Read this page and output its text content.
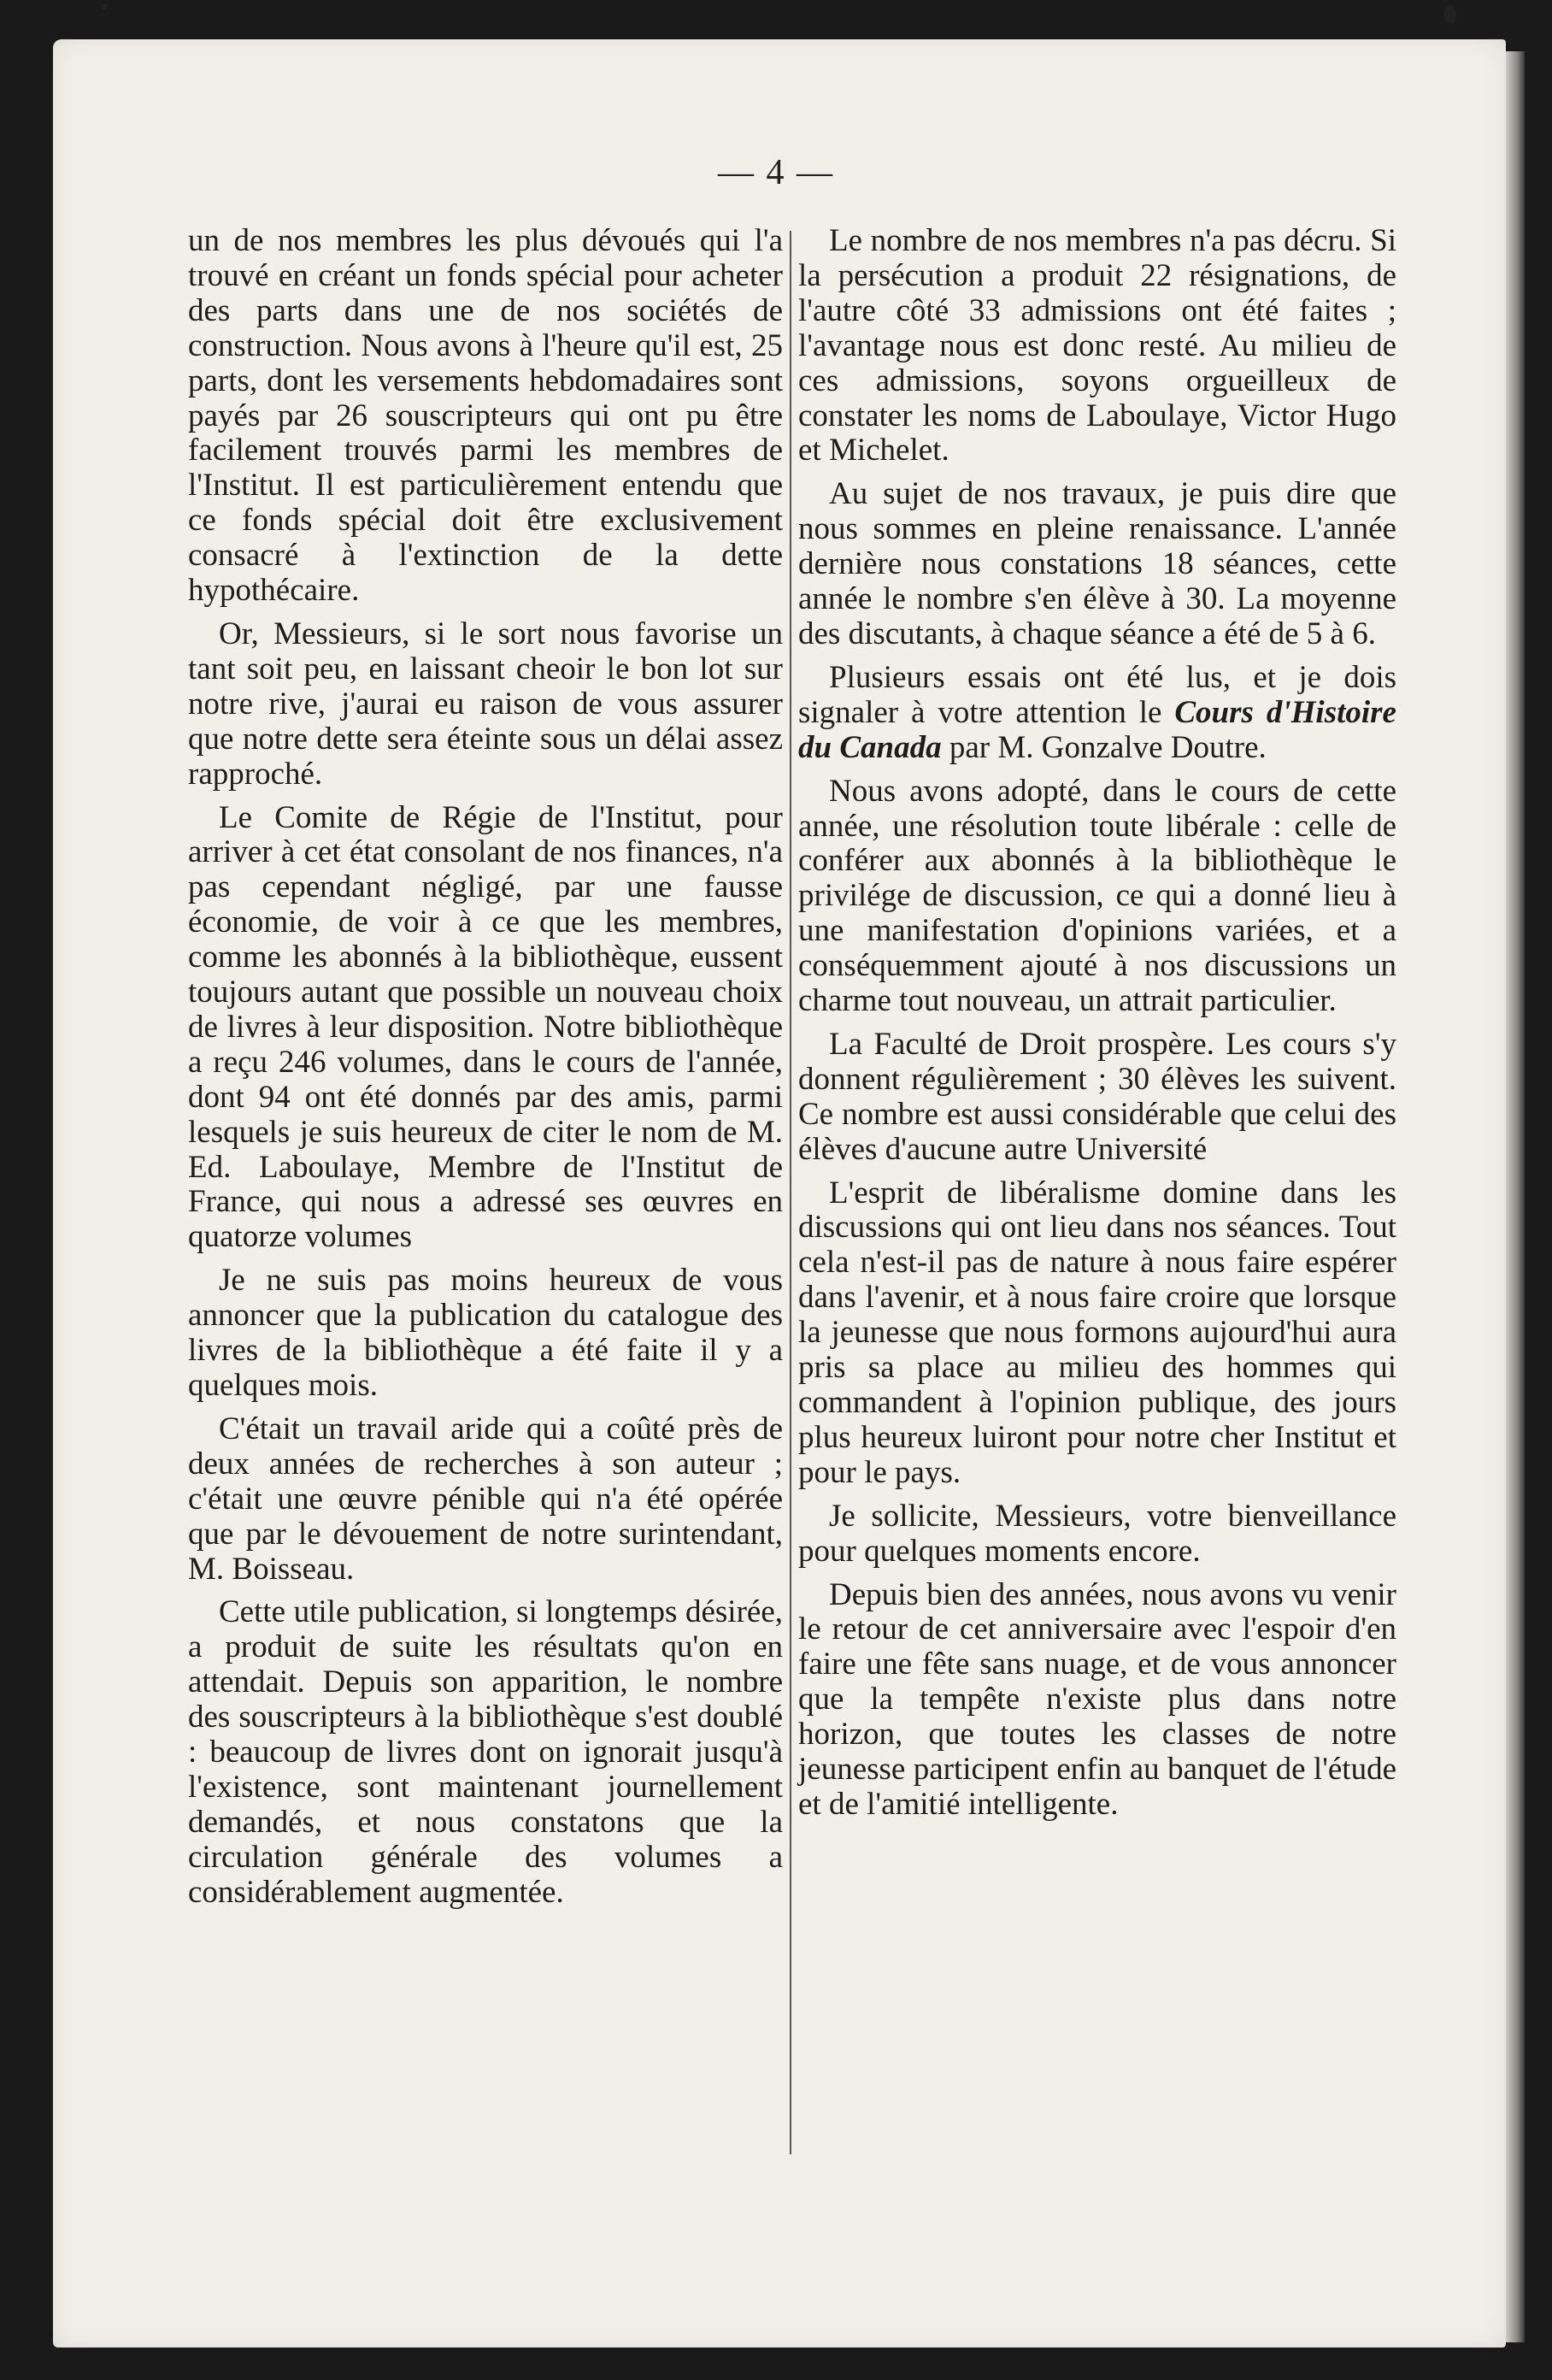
— 4 —

un de nos membres les plus dévoués qui l'a trouvé en créant un fonds spécial pour acheter des parts dans une de nos sociétés de construction. Nous avons à l'heure qu'il est, 25 parts, dont les versements hebdomadaires sont payés par 26 souscripteurs qui ont pu être facilement trouvés parmi les membres de l'Institut. Il est particulièrement entendu que ce fonds spécial doit être exclusivement consacré à l'extinction de la dette hypothécaire.

Or, Messieurs, si le sort nous favorise un tant soit peu, en laissant cheoir le bon lot sur notre rive, j'aurai eu raison de vous assurer que notre dette sera éteinte sous un délai assez rapproché.

Le Comite de Régie de l'Institut, pour arriver à cet état consolant de nos finances, n'a pas cependant négligé, par une fausse économie, de voir à ce que les membres, comme les abonnés à la bibliothèque, eussent toujours autant que possible un nouveau choix de livres à leur disposition. Notre bibliothèque a reçu 246 volumes, dans le cours de l'année, dont 94 ont été donnés par des amis, parmi lesquels je suis heureux de citer le nom de M. Ed. Laboulaye, Membre de l'Institut de France, qui nous a adressé ses œuvres en quatorze volumes

Je ne suis pas moins heureux de vous annoncer que la publication du catalogue des livres de la bibliothèque a été faite il y a quelques mois.

C'était un travail aride qui a coûté près de deux années de recherches à son auteur ; c'était une œuvre pénible qui n'a été opérée que par le dévouement de notre surintendant, M. Boisseau.

Cette utile publication, si longtemps désirée, a produit de suite les résultats qu'on en attendait. Depuis son apparition, le nombre des souscripteurs à la bibliothèque s'est doublé : beaucoup de livres dont on ignorait jusqu'à l'existence, sont maintenant journellement demandés, et nous constatons que la circulation générale des volumes a considérablement augmentée.

Le nombre de nos membres n'a pas décru. Si la persécution a produit 22 résignations, de l'autre côté 33 admissions ont été faites ; l'avantage nous est donc resté. Au milieu de ces admissions, soyons orgueilleux de constater les noms de Laboulaye, Victor Hugo et Michelet.

Au sujet de nos travaux, je puis dire que nous sommes en pleine renaissance. L'année dernière nous constations 18 séances, cette année le nombre s'en élève à 30. La moyenne des discutants, à chaque séance a été de 5 à 6.

Plusieurs essais ont été lus, et je dois signaler à votre attention le Cours d'Histoire du Canada par M. Gonzalve Doutre.

Nous avons adopté, dans le cours de cette année, une résolution toute libérale : celle de conférer aux abonnés à la bibliothèque le privilége de discussion, ce qui a donné lieu à une manifestation d'opinions variées, et a conséquemment ajouté à nos discussions un charme tout nouveau, un attrait particulier.

La Faculté de Droit prospère. Les cours s'y donnent régulièrement ; 30 élèves les suivent. Ce nombre est aussi considérable que celui des élèves d'aucune autre Université

L'esprit de libéralisme domine dans les discussions qui ont lieu dans nos séances. Tout cela n'est-il pas de nature à nous faire espérer dans l'avenir, et à nous faire croire que lorsque la jeunesse que nous formons aujourd'hui aura pris sa place au milieu des hommes qui commandent à l'opinion publique, des jours plus heureux luiront pour notre cher Institut et pour le pays.

Je sollicite, Messieurs, votre bienveillance pour quelques moments encore.

Depuis bien des années, nous avons vu venir le retour de cet anniversaire avec l'espoir d'en faire une fête sans nuage, et de vous annoncer que la tempête n'existe plus dans notre horizon, que toutes les classes de notre jeunesse participent enfin au banquet de l'étude et de l'amitié intelligente.
